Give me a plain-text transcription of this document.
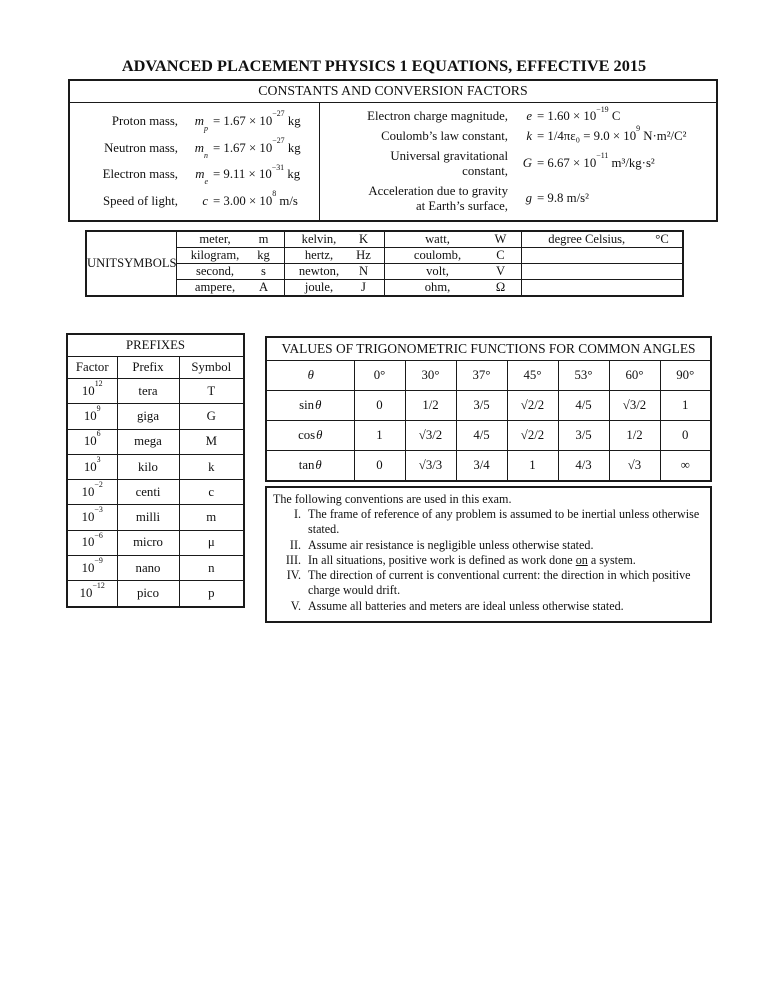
ADVANCED PLACEMENT PHYSICS 1 EQUATIONS, EFFECTIVE 2015
CONSTANTS AND CONVERSION FACTORS
Proton mass,	$m_p$
= $1.67 \times 10^{-27}$ kg
Neutron mass,	$m_n$
= $1.67 \times 10^{-27}$ kg
Electron mass,	$m_e$
= $9.11 \times 10^{-31}$ kg
Speed of light,	$c = 3.00 \times 10^8$ m/s
Electron charge magnitude,	$e = 1.60 \times 10^{-19}$ C
Coulomb’s law constant,	$k = 1/4\pi\varepsilon_0 = 9.0 \times 10^9$ N·m²/C²
Universal gravitational
constant,
$G = 6.67 \times 10^{-11}$ m³/kg·s²
Acceleration due to gravity
at Earth’s surface,
g = 9.8 m/s²
UNITSYMBOLS	meter, m	kelvin, K	watt, W	degree Celsius, °C

	kilogram, kg	hertz, Hz	coulomb, C	

	second, s	newton, N	volt, V	

	ampere, A	joule, J	ohm, Ω	

PREFIXES		
Factor	Prefix	Symbol
$10^{12}$	tera	T
$10^9$	giga	G
$10^6$	mega	M
$10^3$	kilo	k
$10^{-2}$	centi	c
$10^{-3}$	milli	m
$10^{-6}$	micro	μ
$10^{-9}$	nano	n
$10^{-12}$	pico	p
VALUES OF TRIGONOMETRIC FUNCTIONS FOR COMMON ANGLES							
θ	0°	30°	37°	45°	53°	60°	90°
sinθ	0	1/2	3/5	√2/2	4/5	√3/2	1
cosθ	1	√3/2	4/5	√2/2	3/5	1/2	0
tanθ	0	√3/3	3/4	1	4/3	√3	∞
The following conventions are used in this exam.
I. The frame of reference of any problem is assumed to be inertial unless otherwise stated.
II. Assume air resistance is negligible unless otherwise stated.
III. In all situations, positive work is defined as work done on a system.
IV. The direction of current is conventional current: the direction in which positive charge would drift.
V. Assume all batteries and meters are ideal unless otherwise stated.
